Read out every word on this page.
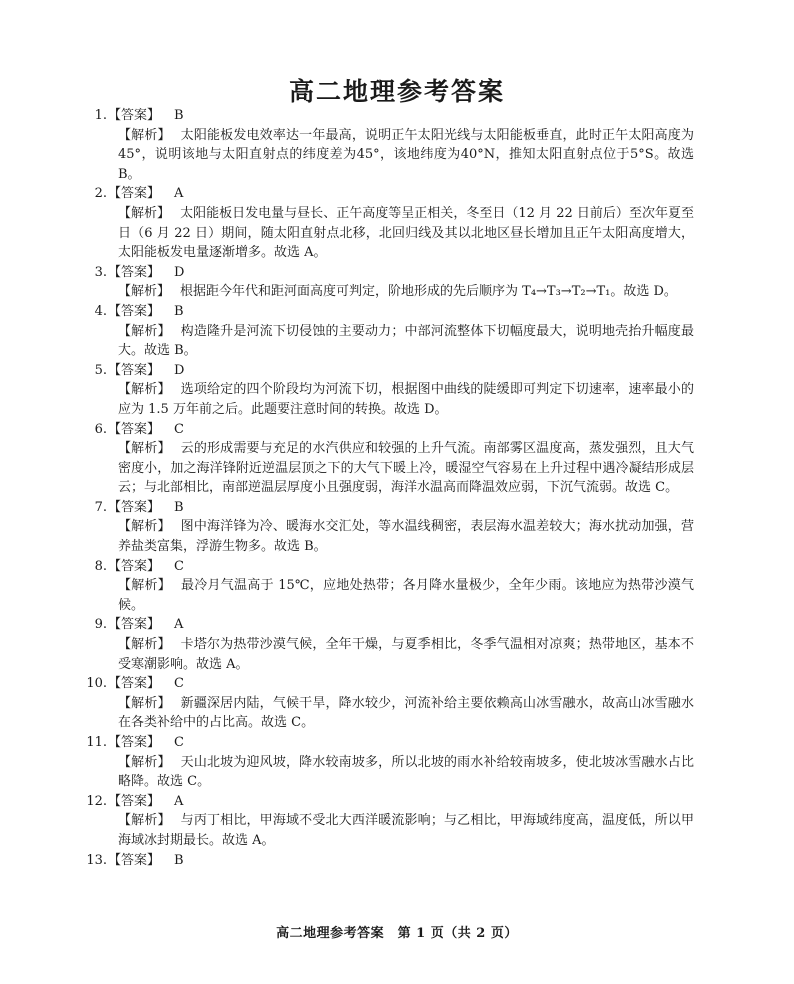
高二地理参考答案
1. 【答案】 B
【解析】 太阳能板发电效率达一年最高，说明正午太阳光线与太阳能板垂直，此时正午太阳高度为45°，说明该地与太阳直射点的纬度差为45°，该地纬度为40°N，推知太阳直射点位于5°S。故选 B。
2. 【答案】 A
【解析】 太阳能板日发电量与昼长、正午高度等呈正相关，冬至日（12 月 22 日前后）至次年夏至日（6 月 22 日）期间，随太阳直射点北移，北回归线及其以北地区昼长增加且正午太阳高度增大，太阳能板发电量逐渐增多。故选 A。
3. 【答案】 D
【解析】 根据距今年代和距河面高度可判定，阶地形成的先后顺序为 T₄→T₃→T₂→T₁。故选 D。
4. 【答案】 B
【解析】 构造隆升是河流下切侵蚀的主要动力；中部河流整体下切幅度最大，说明地壳抬升幅度最大。故选 B。
5. 【答案】 D
【解析】 选项给定的四个阶段均为河流下切，根据图中曲线的陡缓即可判定下切速率，速率最小的应为 1.5 万年前之后。此题要注意时间的转换。故选 D。
6. 【答案】 C
【解析】 云的形成需要与充足的水汽供应和较强的上升气流。南部雾区温度高，蒸发强烈，且大气密度小，加之海洋锋附近逆温层顶之下的大气下暖上冷，暖湿空气容易在上升过程中遇冷凝结形成层云；与北部相比，南部逆温层厚度小且强度弱，海洋水温高而降温效应弱，下沉气流弱。故选 C。
7. 【答案】 B
【解析】 图中海洋锋为冷、暖海水交汇处，等水温线稠密，表层海水温差较大；海水扰动加强，营养盐类富集，浮游生物多。故选 B。
8. 【答案】 C
【解析】 最冷月气温高于 15℃，应地处热带；各月降水量极少，全年少雨。该地应为热带沙漠气候。
9. 【答案】 A
【解析】 卡塔尔为热带沙漠气候，全年干燥，与夏季相比，冬季气温相对凉爽；热带地区，基本不受寒潮影响。故选 A。
10. 【答案】 C
【解析】 新疆深居内陆，气候干旱，降水较少，河流补给主要依赖高山冰雪融水，故高山冰雪融水在各类补给中的占比高。故选 C。
11. 【答案】 C
【解析】 天山北坡为迎风坡，降水较南坡多，所以北坡的雨水补给较南坡多，使北坡冰雪融水占比略降。故选 C。
12. 【答案】 A
【解析】 与丙丁相比，甲海域不受北大西洋暖流影响；与乙相比，甲海域纬度高，温度低，所以甲海域冰封期最长。故选 A。
13. 【答案】 B
高二地理参考答案　第 1 页（共 2 页）
